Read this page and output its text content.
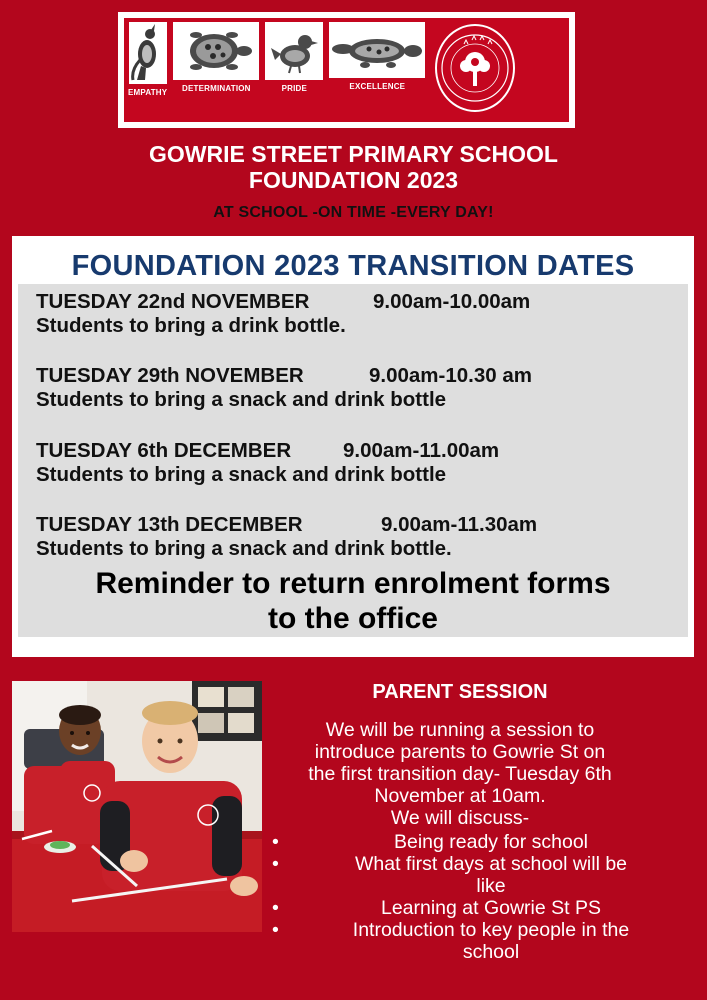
EMPATHY DETERMINATION	PRIDE	EXCELLENCE
GOWRIE STREET PRIMARY SCHOOL
FOUNDATION 2023
AT SCHOOL -ON TIME -EVERY DAY!
FOUNDATION 2023 TRANSITION DATES
TUESDAY 22nd NOVEMBER	9.00am-10.00am
Students to bring a drink bottle.
TUESDAY 29th NOVEMBER	9.00am-10.30 am
Students to bring a snack and drink bottle
TUESDAY 6th DECEMBER	9.00am-11.00am
Students to bring a snack and drink bottle
TUESDAY 13th DECEMBER	9.00am-11.30am
Students to bring a snack and drink bottle.
Reminder to return enrolment forms
to the office
PARENT SESSION
We will be running a session to
introduce parents to Gowrie St on
the first transition day- Tuesday 6th
November at 10am.
We will discuss-
• Being ready for school
• What first days at school will be
like
• Learning at Gowrie St PS
• Introduction to key people in the
school
